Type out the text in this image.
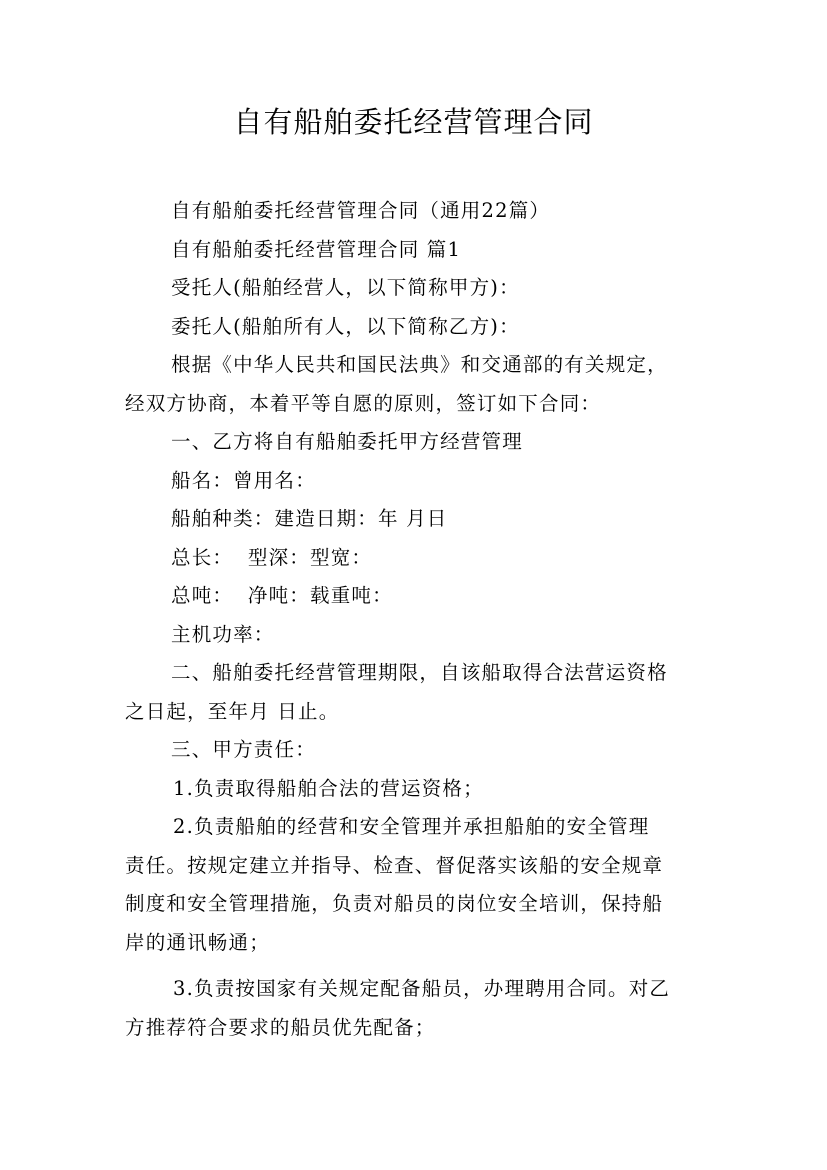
自有船舶委托经营管理合同

自有船舶委托经营管理合同（通用22篇）

自有船舶委托经营管理合同 篇1

受托人(船舶经营人，以下简称甲方)：

委托人(船舶所有人，以下简称乙方)：

根据《中华人民共和国民法典》和交通部的有关规定，

经双方协商，本着平等自愿的原则，签订如下合同：

一、乙方将自有船舶委托甲方经营管理

船名：曾用名：

船舶种类：建造日期：年 月日

总长：  型深：型宽：

总吨：  净吨：载重吨：

主机功率：

二、船舶委托经营管理期限，自该船取得合法营运资格

之日起，至年月 日止。

三、甲方责任：

1.负责取得船舶合法的营运资格；

2.负责船舶的经营和安全管理并承担船舶的安全管理

责任。按规定建立并指导、检查、督促落实该船的安全规章

制度和安全管理措施，负责对船员的岗位安全培训，保持船

岸的通讯畅通；

3.负责按国家有关规定配备船员，办理聘用合同。对乙

方推荐符合要求的船员优先配备；
